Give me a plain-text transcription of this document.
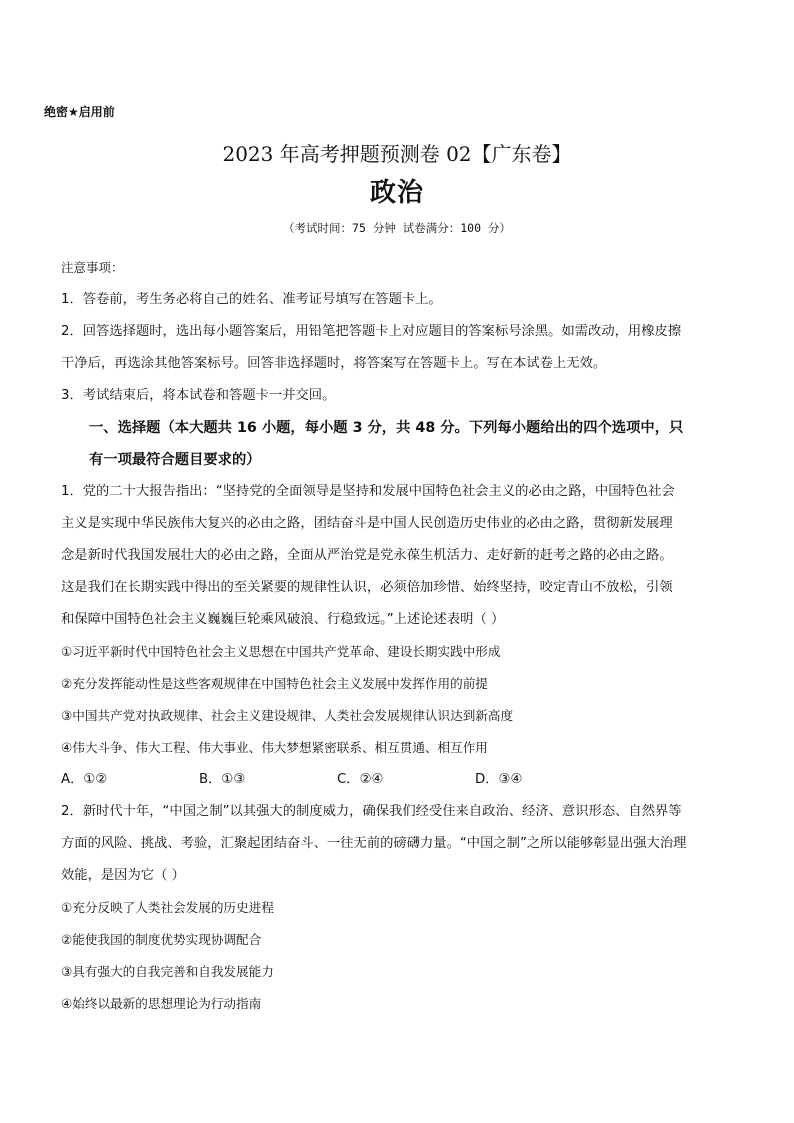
绝密★启用前
2023 年高考押题预测卷 02【广东卷】
政治
（考试时间：75 分钟 试卷满分：100 分）

注意事项：

1．答卷前，考生务必将自己的姓名、准考证号填写在答题卡上。

2．回答选择题时，选出每小题答案后，用铅笔把答题卡上对应题目的答案标号涂黑。如需改动，用橡皮擦

干净后，再选涂其他答案标号。回答非选择题时，将答案写在答题卡上。写在本试卷上无效。

3．考试结束后，将本试卷和答题卡一并交回。

一、选择题（本大题共 16 小题，每小题 3 分，共 48 分。下列每小题给出的四个选项中，只
有一项最符合题目要求的）

1．党的二十大报告指出：“坚持党的全面领导是坚持和发展中国特色社会主义的必由之路，中国特色社会

主义是实现中华民族伟大复兴的必由之路，团结奋斗是中国人民创造历史伟业的必由之路，贯彻新发展理

念是新时代我国发展壮大的必由之路，全面从严治党是党永葆生机活力、走好新的赶考之路的必由之路。

这是我们在长期实践中得出的至关紧要的规律性认识，必须倍加珍惜、始终坚持，咬定青山不放松，引领

和保障中国特色社会主义巍巍巨轮乘风破浪、行稳致远。”上述论述表明（ ）

①习近平新时代中国特色社会主义思想在中国共产党革命、建设长期实践中形成

②充分发挥能动性是这些客观规律在中国特色社会主义发展中发挥作用的前提

③中国共产党对执政规律、社会主义建设规律、人类社会发展规律认识达到新高度

④伟大斗争、伟大工程、伟大事业、伟大梦想紧密联系、相互贯通、相互作用

A．①②	B．①③	C．②④	D．③④

2．新时代十年，“中国之制”以其强大的制度威力，确保我们经受住来自政治、经济、意识形态、自然界等

方面的风险、挑战、考验，汇聚起团结奋斗、一往无前的磅礴力量。“中国之制”之所以能够彰显出强大治理

效能，是因为它（ ）

①充分反映了人类社会发展的历史进程

②能使我国的制度优势实现协调配合

③具有强大的自我完善和自我发展能力

④始终以最新的思想理论为行动指南
